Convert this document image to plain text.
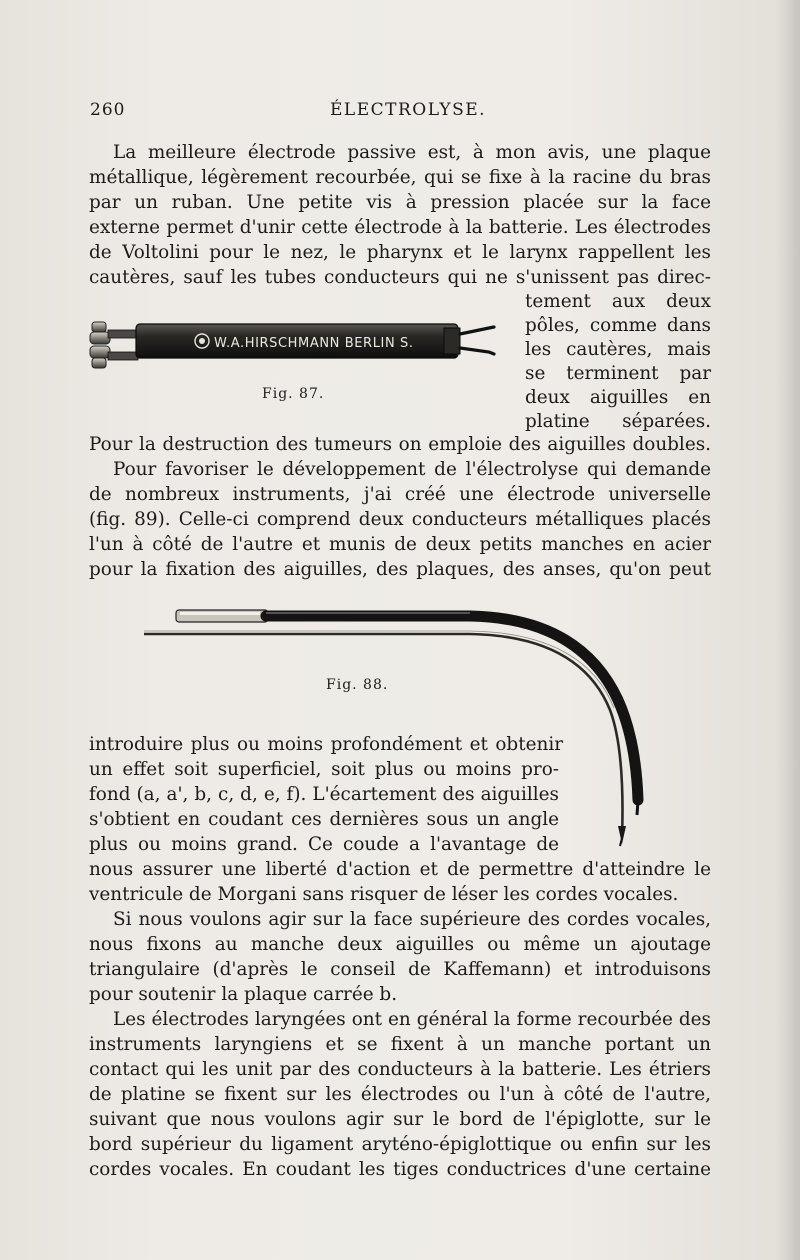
260	ÉLECTROLYSE.
La meilleure électrode passive est, à mon avis, une plaque
métallique, légèrement recourbée, qui se fixe à la racine du bras
par un ruban. Une petite vis à pression placée sur la face
externe permet d'unir cette électrode à la batterie. Les électrodes
de Voltolini pour le nez, le pharynx et le larynx rappellent les
cautères, sauf les tubes conducteurs qui ne s'unissent pas direc-
tement aux deux
pôles, comme dans
les cautères, mais
se terminent par
deux aiguilles en
platine séparées.
W.A.HIRSCHMANN BERLIN S.
Fig. 87.
Pour la destruction des tumeurs on emploie des aiguilles doubles.
Pour favoriser le développement de l'électrolyse qui demande
de nombreux instruments, j'ai créé une électrode universelle
(fig. 89). Celle-ci comprend deux conducteurs métalliques placés
l'un à côté de l'autre et munis de deux petits manches en acier
pour la fixation des aiguilles, des plaques, des anses, qu'on peut
Fig. 88.
introduire plus ou moins profondément et obtenir
un effet soit superficiel, soit plus ou moins pro-
fond (a, a', b, c, d, e, f). L'écartement des aiguilles
s'obtient en coudant ces dernières sous un angle
plus ou moins grand. Ce coude a l'avantage de
nous assurer une liberté d'action et de permettre d'atteindre le
ventricule de Morgani sans risquer de léser les cordes vocales.
Si nous voulons agir sur la face supérieure des cordes vocales,
nous fixons au manche deux aiguilles ou même un ajoutage
triangulaire (d'après le conseil de Kaffemann) et introduisons
pour soutenir la plaque carrée b.
Les électrodes laryngées ont en général la forme recourbée des
instruments laryngiens et se fixent à un manche portant un
contact qui les unit par des conducteurs à la batterie. Les étriers
de platine se fixent sur les électrodes ou l'un à côté de l'autre,
suivant que nous voulons agir sur le bord de l'épiglotte, sur le
bord supérieur du ligament aryténo-épiglottique ou enfin sur les
cordes vocales. En coudant les tiges conductrices d'une certaine
